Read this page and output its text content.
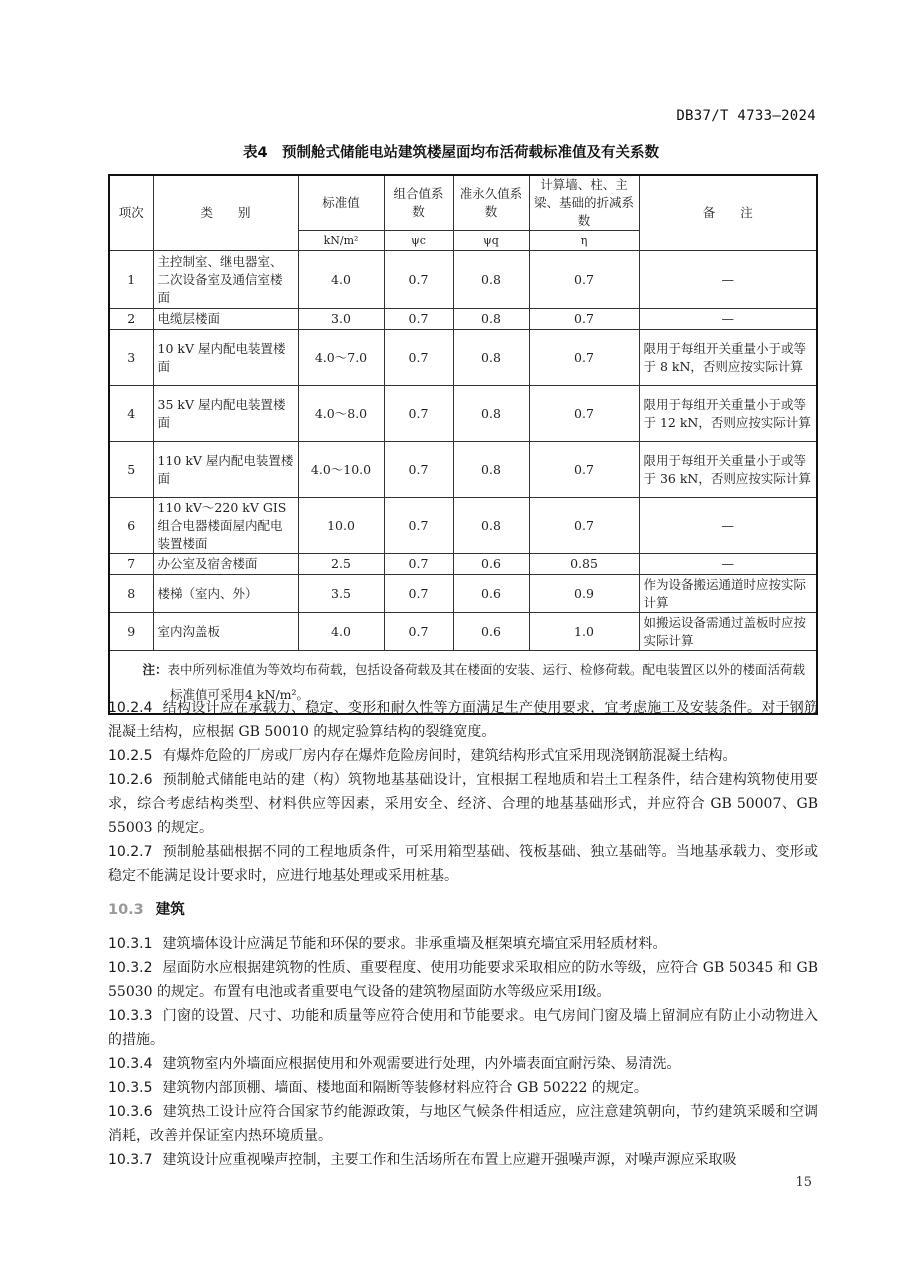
DB37/T 4733—2024
表4　预制舱式储能电站建筑楼屋面均布活荷载标准值及有关系数
项次	类　　别	标准值	组合值系数	准永久值系数	计算墙、柱、主梁、基础的折减系数	备　　注
		kN/m²	ψc	ψq	η	
1	主控制室、继电器室、二次设备室及通信室楼面	4.0	0.7	0.8	0.7	—
2	电缆层楼面	3.0	0.7	0.8	0.7	—
3	10 kV 屋内配电装置楼面	4.0～7.0	0.7	0.8	0.7	限用于每组开关重量小于或等于 8 kN，否则应按实际计算
4	35 kV 屋内配电装置楼面	4.0～8.0	0.7	0.8	0.7	限用于每组开关重量小于或等于 12 kN，否则应按实际计算
5	110 kV 屋内配电装置楼面	4.0～10.0	0.7	0.8	0.7	限用于每组开关重量小于或等于 36 kN，否则应按实际计算
6	110 kV～220 kV GIS 组合电器楼面屋内配电装置楼面	10.0	0.7	0.8	0.7	—
7	办公室及宿舍楼面	2.5	0.7	0.6	0.85	—
8	楼梯（室内、外）	3.5	0.7	0.6	0.9	作为设备搬运通道时应按实际计算
9	室内沟盖板	4.0	0.7	0.6	1.0	如搬运设备需通过盖板时应按实际计算
注：表中所列标准值为等效均布荷载，包括设备荷载及其在楼面的安装、运行、检修荷载。配电装置区以外的楼面活荷载标准值可采用4 kN/m²。						

10.2.4 结构设计应在承载力、稳定、变形和耐久性等方面满足生产使用要求，宜考虑施工及安装条件。对于钢筋混凝土结构，应根据 GB 50010 的规定验算结构的裂缝宽度。

10.2.5 有爆炸危险的厂房或厂房内存在爆炸危险房间时，建筑结构形式宜采用现浇钢筋混凝土结构。

10.2.6 预制舱式储能电站的建（构）筑物地基基础设计，宜根据工程地质和岩土工程条件，结合建构筑物使用要求，综合考虑结构类型、材料供应等因素，采用安全、经济、合理的地基基础形式，并应符合 GB 50007、GB 55003 的规定。

10.2.7 预制舱基础根据不同的工程地质条件，可采用箱型基础、筏板基础、独立基础等。当地基承载力、变形或稳定不能满足设计要求时，应进行地基处理或采用桩基。

10.3 建筑

10.3.1 建筑墙体设计应满足节能和环保的要求。非承重墙及框架填充墙宜采用轻质材料。

10.3.2 屋面防水应根据建筑物的性质、重要程度、使用功能要求采取相应的防水等级，应符合 GB 50345 和 GB 55030 的规定。布置有电池或者重要电气设备的建筑物屋面防水等级应采用Ⅰ级。

10.3.3 门窗的设置、尺寸、功能和质量等应符合使用和节能要求。电气房间门窗及墙上留洞应有防止小动物进入的措施。

10.3.4 建筑物室内外墙面应根据使用和外观需要进行处理，内外墙表面宜耐污染、易清洗。

10.3.5 建筑物内部顶棚、墙面、楼地面和隔断等装修材料应符合 GB 50222 的规定。

10.3.6 建筑热工设计应符合国家节约能源政策，与地区气候条件相适应，应注意建筑朝向，节约建筑采暖和空调消耗，改善并保证室内热环境质量。

10.3.7 建筑设计应重视噪声控制，主要工作和生活场所在布置上应避开强噪声源，对噪声源应采取吸

15
